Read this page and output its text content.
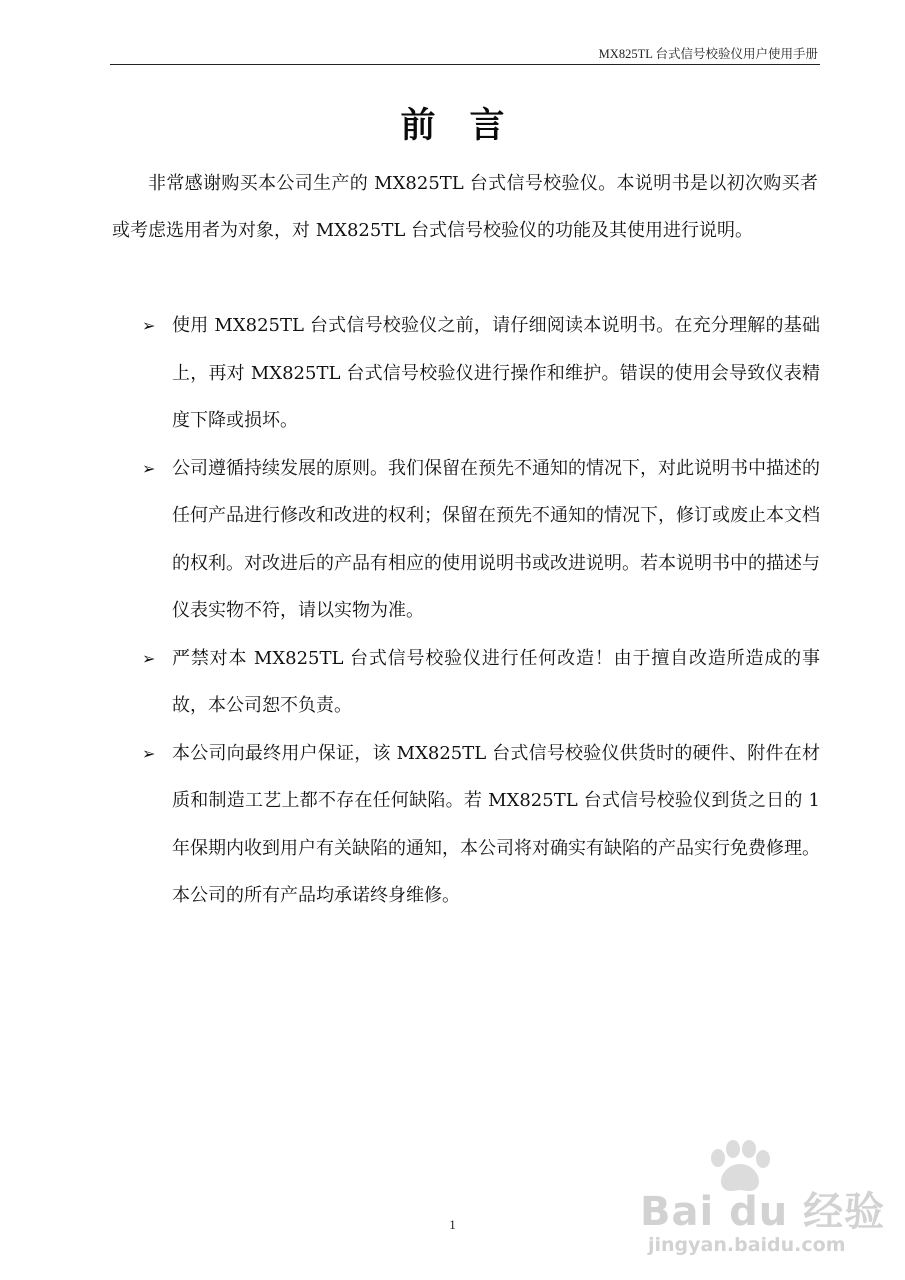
MX825TL 台式信号校验仪用户使用手册
前言

非常感谢购买本公司生产的 MX825TL 台式信号校验仪。本说明书是以初次购买者或考虑选用者为对象，对 MX825TL 台式信号校验仪的功能及其使用进行说明。

➢ 使用 MX825TL 台式信号校验仪之前，请仔细阅读本说明书。在充分理解的基础上，再对 MX825TL 台式信号校验仪进行操作和维护。错误的使用会导致仪表精度下降或损坏。
➢ 公司遵循持续发展的原则。我们保留在预先不通知的情况下，对此说明书中描述的任何产品进行修改和改进的权利；保留在预先不通知的情况下，修订或废止本文档的权利。对改进后的产品有相应的使用说明书或改进说明。若本说明书中的描述与仪表实物不符，请以实物为准。
➢ 严禁对本 MX825TL 台式信号校验仪进行任何改造！由于擅自改造所造成的事故，本公司恕不负责。
➢ 本公司向最终用户保证，该 MX825TL 台式信号校验仪供货时的硬件、附件在材质和制造工艺上都不存在任何缺陷。若 MX825TL 台式信号校验仪到货之日的 1 年保期内收到用户有关缺陷的通知，本公司将对确实有缺陷的产品实行免费修理。本公司的所有产品均承诺终身维修。
1	Bai du 经验
jingyan.baidu.com
